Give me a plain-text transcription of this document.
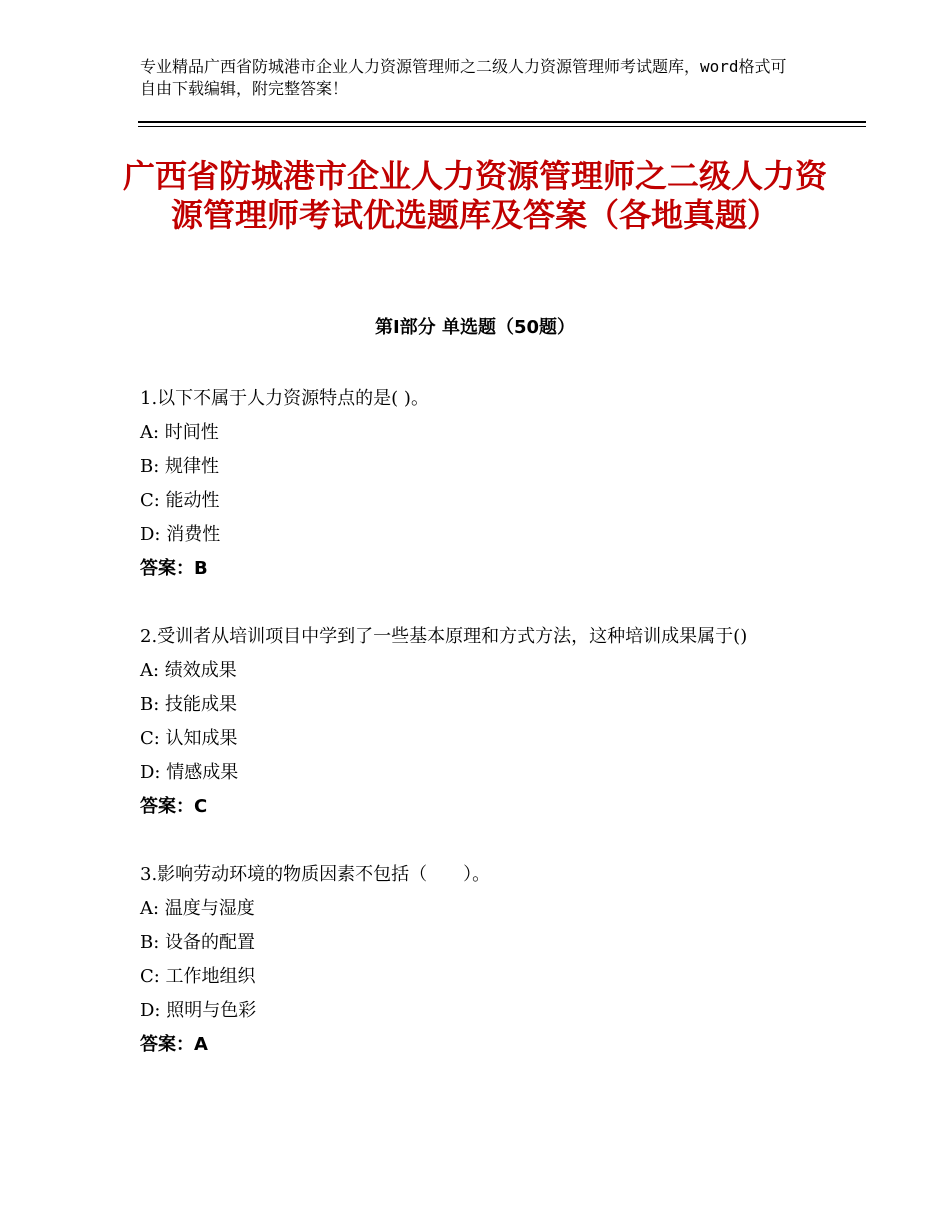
专业精品广西省防城港市企业人力资源管理师之二级人力资源管理师考试题库，word格式可自由下载编辑，附完整答案！
广西省防城港市企业人力资源管理师之二级人力资源管理师考试优选题库及答案（各地真题）
第Ⅰ部分 单选题（50题）
1.以下不属于人力资源特点的是( )。
A: 时间性
B: 规律性
C: 能动性
D: 消费性
答案：B
2.受训者从培训项目中学到了一些基本原理和方式方法，这种培训成果属于()
A: 绩效成果
B: 技能成果
C: 认知成果
D: 情感成果
答案：C
3.影响劳动环境的物质因素不包括（　　）。
A: 温度与湿度
B: 设备的配置
C: 工作地组织
D: 照明与色彩
答案：A
